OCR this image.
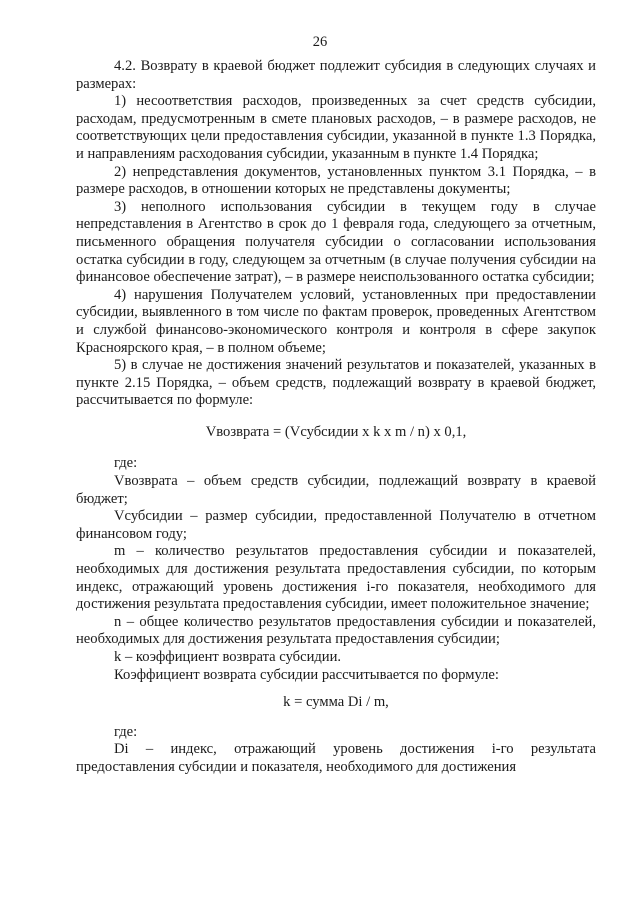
26

4.2. Возврату в краевой бюджет подлежит субсидия в следующих случаях и размерах:

1) несоответствия расходов, произведенных за счет средств субсидии, расходам, предусмотренным в смете плановых расходов, – в размере расходов, не соответствующих цели предоставления субсидии, указанной в пункте 1.3 Порядка, и направлениям расходования субсидии, указанным в пункте 1.4 Порядка;

2) непредставления документов, установленных пунктом 3.1 Порядка, – в размере расходов, в отношении которых не представлены документы;

3) неполного использования субсидии в текущем году в случае непредставления в Агентство в срок до 1 февраля года, следующего за отчетным, письменного обращения получателя субсидии о согласовании использования остатка субсидии в году, следующем за отчетным (в случае получения субсидии на финансовое обеспечение затрат), – в размере неиспользованного остатка субсидии;

4) нарушения Получателем условий, установленных при предоставлении субсидии, выявленного в том числе по фактам проверок, проведенных Агентством и службой финансово-экономического контроля и контроля в сфере закупок Красноярского края, – в полном объеме;

5) в случае не достижения значений результатов и показателей, указанных в пункте 2.15 Порядка, – объем средств, подлежащий возврату в краевой бюджет, рассчитывается по формуле:

Vвозврата = (Vсубсидии x k x m / n) x 0,1,

где:

Vвозврата – объем средств субсидии, подлежащий возврату в краевой бюджет;

Vсубсидии – размер субсидии, предоставленной Получателю в отчетном финансовом году;

m – количество результатов предоставления субсидии и показателей, необходимых для достижения результата предоставления субсидии, по которым индекс, отражающий уровень достижения i-го показателя, необходимого для достижения результата предоставления субсидии, имеет положительное значение;

n – общее количество результатов предоставления субсидии и показателей, необходимых для достижения результата предоставления субсидии;

k – коэффициент возврата субсидии.

Коэффициент возврата субсидии рассчитывается по формуле:

k = сумма Di / m,

где:

Di – индекс, отражающий уровень достижения i-го результата предоставления субсидии и показателя, необходимого для достижения
